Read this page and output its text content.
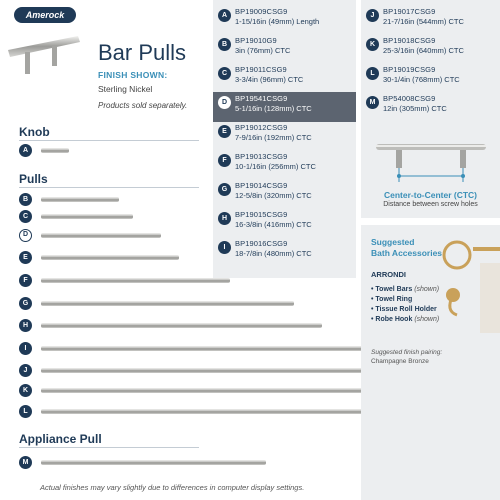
Amerock
Bar Pulls
FINISH SHOWN:
Sterling Nickel
Products sold separately.
Knob
Pulls
Appliance Pull
A
B
C
D
E
F
G
H
I
J
K
L
M
Actual finishes may vary slightly due to differences in computer display settings.
Center-to-Center (CTC)
Distance between screw holes
A	BP19009CSG9
1-15/16in (49mm) Length
B	BP19010G9
3in (76mm) CTC
C	BP19011CSG9
3-3/4in (96mm) CTC
D	BP19541CSG9
5-1/16in (128mm) CTC
E	BP19012CSG9
7-9/16in (192mm) CTC
F	BP19013CSG9
10-1/16in (256mm) CTC
G	BP19014CSG9
12-5/8in (320mm) CTC
H	BP19015CSG9
16-3/8in (416mm) CTC
I	BP19016CSG9
18-7/8in (480mm) CTC
J	BP19017CSG9
21-7/16in (544mm) CTC
K	BP19018CSG9
25-3/16in (640mm) CTC
L	BP19019CSG9
30-1/4in (768mm) CTC
M	BP54008CSG9
12in (305mm) CTC
Suggested
Bath Accessories
ARRONDI
• Towel Bars (shown)
• Towel Ring
• Tissue Roll Holder
• Robe Hook (shown)
Suggested finish pairing:
Champagne Bronze
